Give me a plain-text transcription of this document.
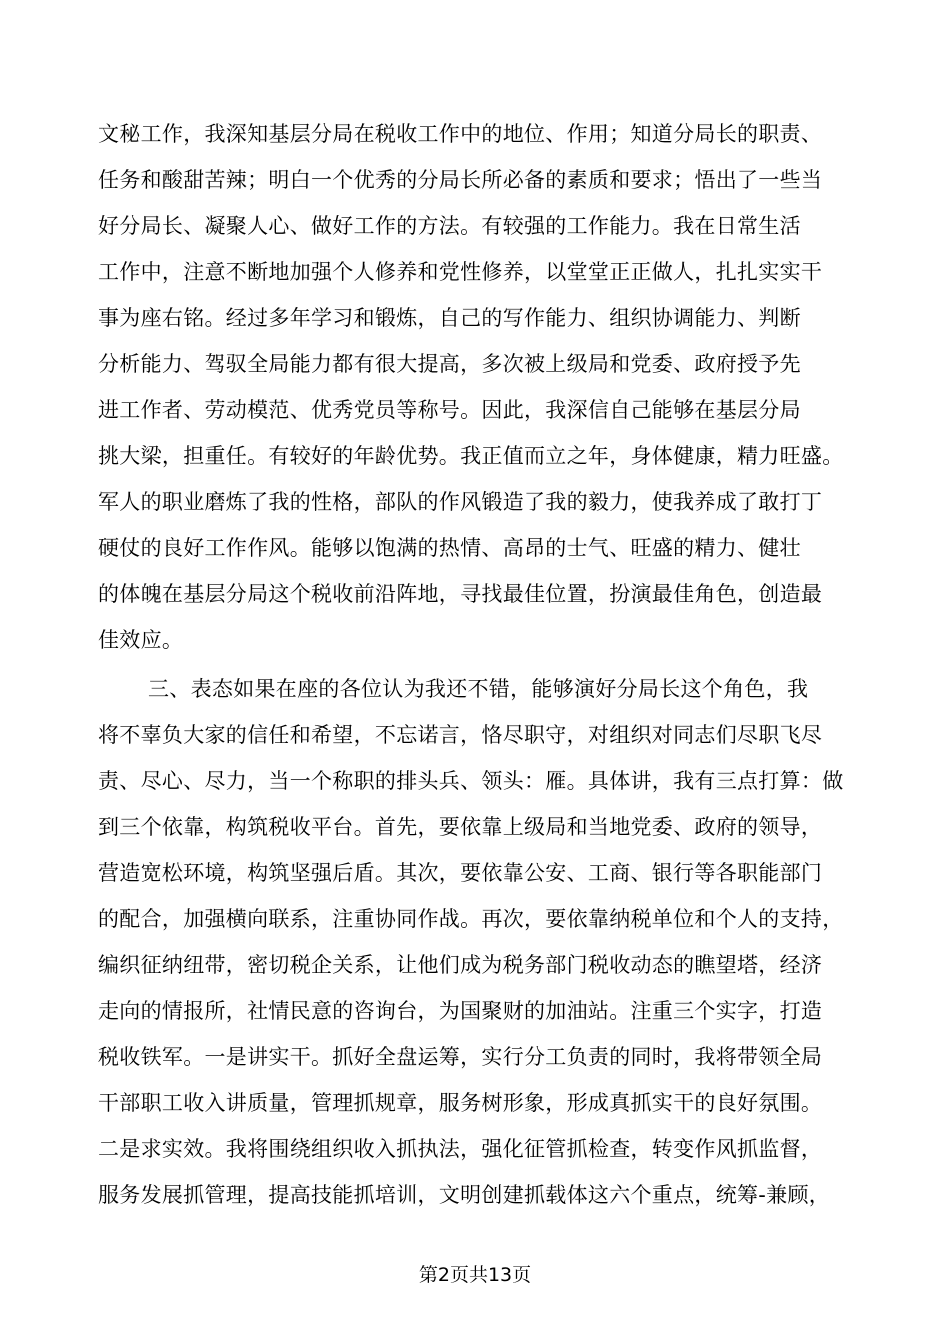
文秘工作，我深知基层分局在税收工作中的地位、作用；知道分局长的职责、
任务和酸甜苦辣；明白一个优秀的分局长所必备的素质和要求；悟出了一些当
好分局长、凝聚人心、做好工作的方法。有较强的工作能力。我在日常生活
工作中，注意不断地加强个人修养和党性修养，以堂堂正正做人，扎扎实实干
事为座右铭。经过多年学习和锻炼，自己的写作能力、组织协调能力、判断
分析能力、驾驭全局能力都有很大提高，多次被上级局和党委、政府授予先
进工作者、劳动模范、优秀党员等称号。因此，我深信自己能够在基层分局
挑大梁，担重任。有较好的年龄优势。我正值而立之年，身体健康，精力旺盛。
军人的职业磨炼了我的性格，部队的作风锻造了我的毅力，使我养成了敢打丁
硬仗的良好工作作风。能够以饱满的热情、高昂的士气、旺盛的精力、健壮
的体魄在基层分局这个税收前沿阵地，寻找最佳位置，扮演最佳角色，创造最
佳效应。
三、表态如果在座的各位认为我还不错，能够演好分局长这个角色，我
将不辜负大家的信任和希望，不忘诺言，恪尽职守，对组织对同志们尽职飞尽
责、尽心、尽力，当一个称职的排头兵、领头：雁。具体讲，我有三点打算：做
到三个依靠，构筑税收平台。首先，要依靠上级局和当地党委、政府的领导，
营造宽松环境，构筑坚强后盾。其次，要依靠公安、工商、银行等各职能部门
的配合，加强横向联系，注重协同作战。再次，要依靠纳税单位和个人的支持，
编织征纳纽带，密切税企关系，让他们成为税务部门税收动态的瞧望塔，经济
走向的情报所，社情民意的咨询台，为国聚财的加油站。注重三个实字，打造
税收铁军。一是讲实干。抓好全盘运筹，实行分工负责的同时，我将带领全局
干部职工收入讲质量，管理抓规章，服务树形象，形成真抓实干的良好氛围。
二是求实效。我将围绕组织收入抓执法，强化征管抓检查，转变作风抓监督，
服务发展抓管理，提高技能抓培训，文明创建抓载体这六个重点，统筹-兼顾，
第2页共13页
